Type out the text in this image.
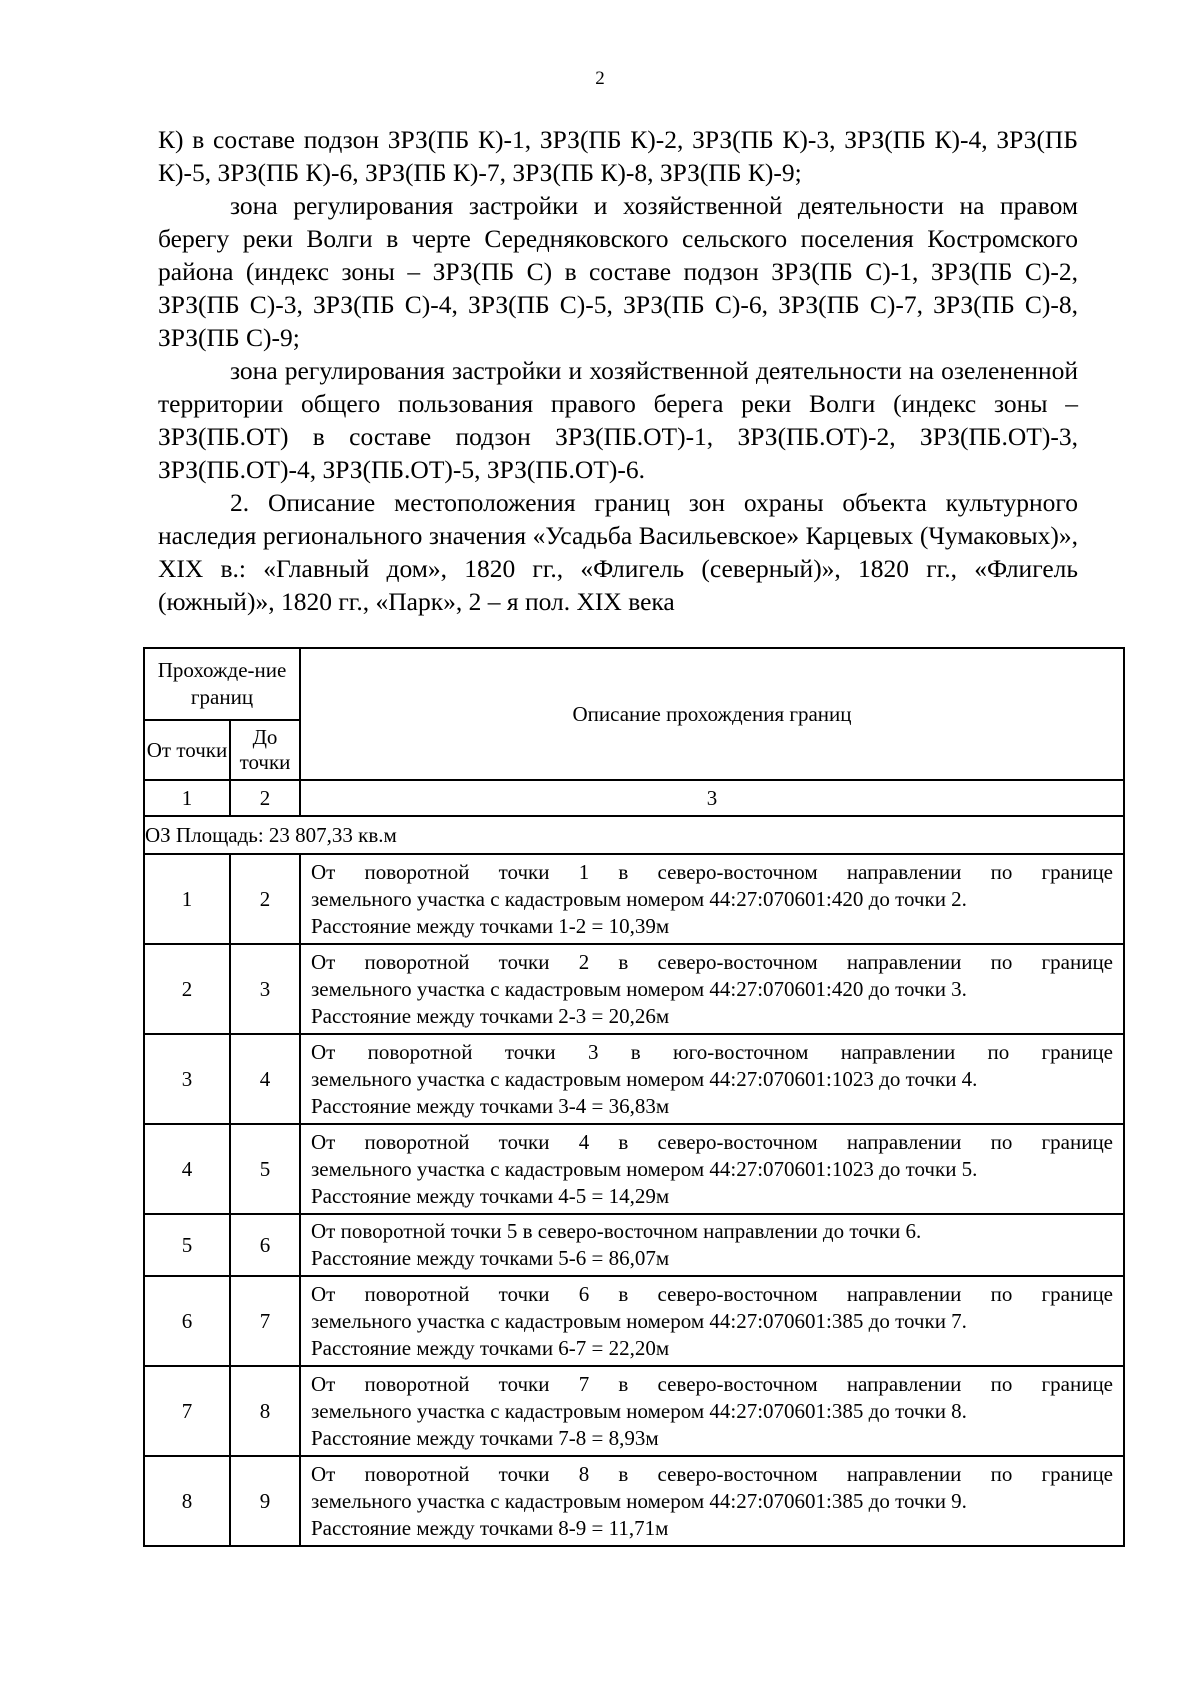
2

К) в составе подзон ЗРЗ(ПБ К)-1, ЗРЗ(ПБ К)-2, ЗРЗ(ПБ К)-3, ЗРЗ(ПБ К)-4, ЗРЗ(ПБ К)-5, ЗРЗ(ПБ К)-6, ЗРЗ(ПБ К)-7, ЗРЗ(ПБ К)-8, ЗРЗ(ПБ К)-9;

зона регулирования застройки и хозяйственной деятельности на правом берегу реки Волги в черте Середняковского сельского поселения Костромского района (индекс зоны – ЗРЗ(ПБ С) в составе подзон ЗРЗ(ПБ С)-1, ЗРЗ(ПБ С)-2, ЗРЗ(ПБ С)-3, ЗРЗ(ПБ С)-4, ЗРЗ(ПБ С)-5, ЗРЗ(ПБ С)-6, ЗРЗ(ПБ С)-7, ЗРЗ(ПБ С)-8, ЗРЗ(ПБ С)-9;

зона регулирования застройки и хозяйственной деятельности на озелененной территории общего пользования правого берега реки Волги (индекс зоны – ЗРЗ(ПБ.ОТ) в составе подзон ЗРЗ(ПБ.ОТ)-1, ЗРЗ(ПБ.ОТ)-2, ЗРЗ(ПБ.ОТ)-3, ЗРЗ(ПБ.ОТ)-4, ЗРЗ(ПБ.ОТ)-5, ЗРЗ(ПБ.ОТ)-6.

2. Описание местоположения границ зон охраны объекта культурного наследия регионального значения «Усадьба Васильевское» Карцевых (Чумаковых)», XIX в.: «Главный дом», 1820 гг., «Флигель (северный)», 1820 гг., «Флигель (южный)», 1820 гг., «Парк», 2 – я пол. XIX века

Прохожде-ние границ		Описание прохождения границ
От точки	До точки	
1	2	3
ОЗ Площадь: 23 807,33 кв.м		
1	2	От поворотной точки 1 в северо-восточном направлении по границе
земельного участка с кадастровым номером 44:27:070601:420 до точки 2.
Расстояние между точками 1-2 = 10,39м

2	3	От поворотной точки 2 в северо-восточном направлении по границе
земельного участка с кадастровым номером 44:27:070601:420 до точки 3.
Расстояние между точками 2-3 = 20,26м

3	4	От поворотной точки 3 в юго-восточном направлении по границе
земельного участка с кадастровым номером 44:27:070601:1023 до точки 4.
Расстояние между точками 3-4 = 36,83м

4	5	От поворотной точки 4 в северо-восточном направлении по границе
земельного участка с кадастровым номером 44:27:070601:1023 до точки 5.
Расстояние между точками 4-5 = 14,29м

5	6	От поворотной точки 5 в северо-восточном направлении до точки 6.
Расстояние между точками 5-6 = 86,07м

6	7	От поворотной точки 6 в северо-восточном направлении по границе
земельного участка с кадастровым номером 44:27:070601:385 до точки 7.
Расстояние между точками 6-7 = 22,20м

7	8	От поворотной точки 7 в северо-восточном направлении по границе
земельного участка с кадастровым номером 44:27:070601:385 до точки 8.
Расстояние между точками 7-8 = 8,93м

8	9	От поворотной точки 8 в северо-восточном направлении по границе
земельного участка с кадастровым номером 44:27:070601:385 до точки 9.
Расстояние между точками 8-9 = 11,71м
